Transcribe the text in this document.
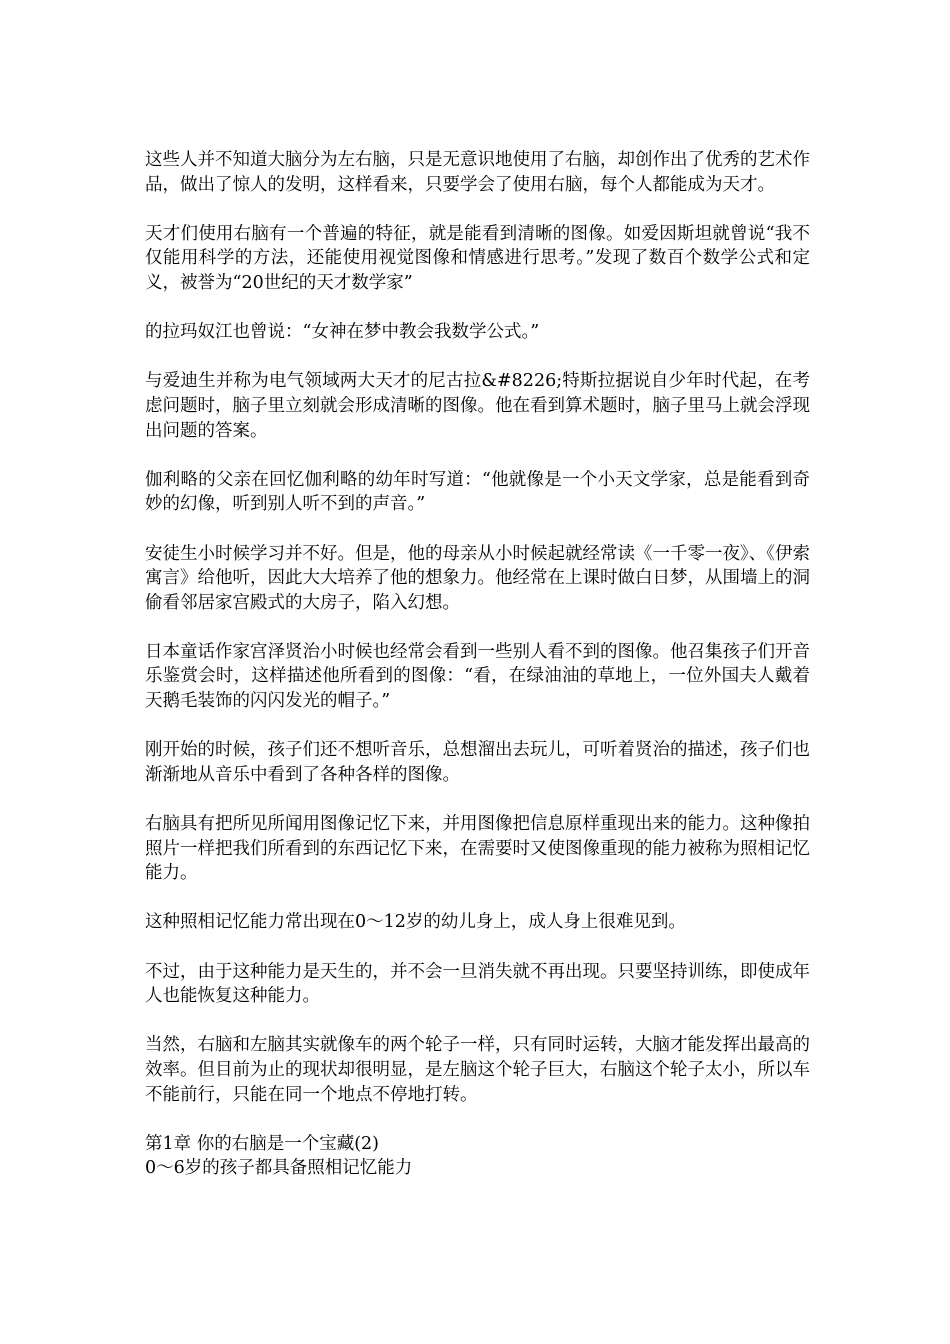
这些人并不知道大脑分为左右脑，只是无意识地使用了右脑，却创作出了优秀的艺术作品，做出了惊人的发明，这样看来，只要学会了使用右脑，每个人都能成为天才。

天才们使用右脑有一个普遍的特征，就是能看到清晰的图像。如爱因斯坦就曾说“我不仅能用科学的方法，还能使用视觉图像和情感进行思考。”发现了数百个数学公式和定义，被誉为“20世纪的天才数学家”

的拉玛奴江也曾说：“女神在梦中教会我数学公式。”

与爱迪生并称为电气领域两大天才的尼古拉&#8226;特斯拉据说自少年时代起，在考虑问题时，脑子里立刻就会形成清晰的图像。他在看到算术题时，脑子里马上就会浮现出问题的答案。

伽利略的父亲在回忆伽利略的幼年时写道：“他就像是一个小天文学家，总是能看到奇妙的幻像，听到别人听不到的声音。”

安徒生小时候学习并不好。但是，他的母亲从小时候起就经常读《一千零一夜》、《伊索寓言》给他听，因此大大培养了他的想象力。他经常在上课时做白日梦，从围墙上的洞偷看邻居家宫殿式的大房子，陷入幻想。

日本童话作家宫泽贤治小时候也经常会看到一些别人看不到的图像。他召集孩子们开音乐鉴赏会时，这样描述他所看到的图像：“看，在绿油油的草地上，一位外国夫人戴着天鹅毛装饰的闪闪发光的帽子。”

刚开始的时候，孩子们还不想听音乐，总想溜出去玩儿，可听着贤治的描述，孩子们也渐渐地从音乐中看到了各种各样的图像。

右脑具有把所见所闻用图像记忆下来，并用图像把信息原样重现出来的能力。这种像拍照片一样把我们所看到的东西记忆下来，在需要时又使图像重现的能力被称为照相记忆能力。

这种照相记忆能力常出现在0～12岁的幼儿身上，成人身上很难见到。

不过，由于这种能力是天生的，并不会一旦消失就不再出现。只要坚持训练，即使成年人也能恢复这种能力。

当然，右脑和左脑其实就像车的两个轮子一样，只有同时运转，大脑才能发挥出最高的效率。但目前为止的现状却很明显，是左脑这个轮子巨大，右脑这个轮子太小，所以车不能前行，只能在同一个地点不停地打转。

第1章 你的右脑是一个宝藏(2)

0～6岁的孩子都具备照相记忆能力
